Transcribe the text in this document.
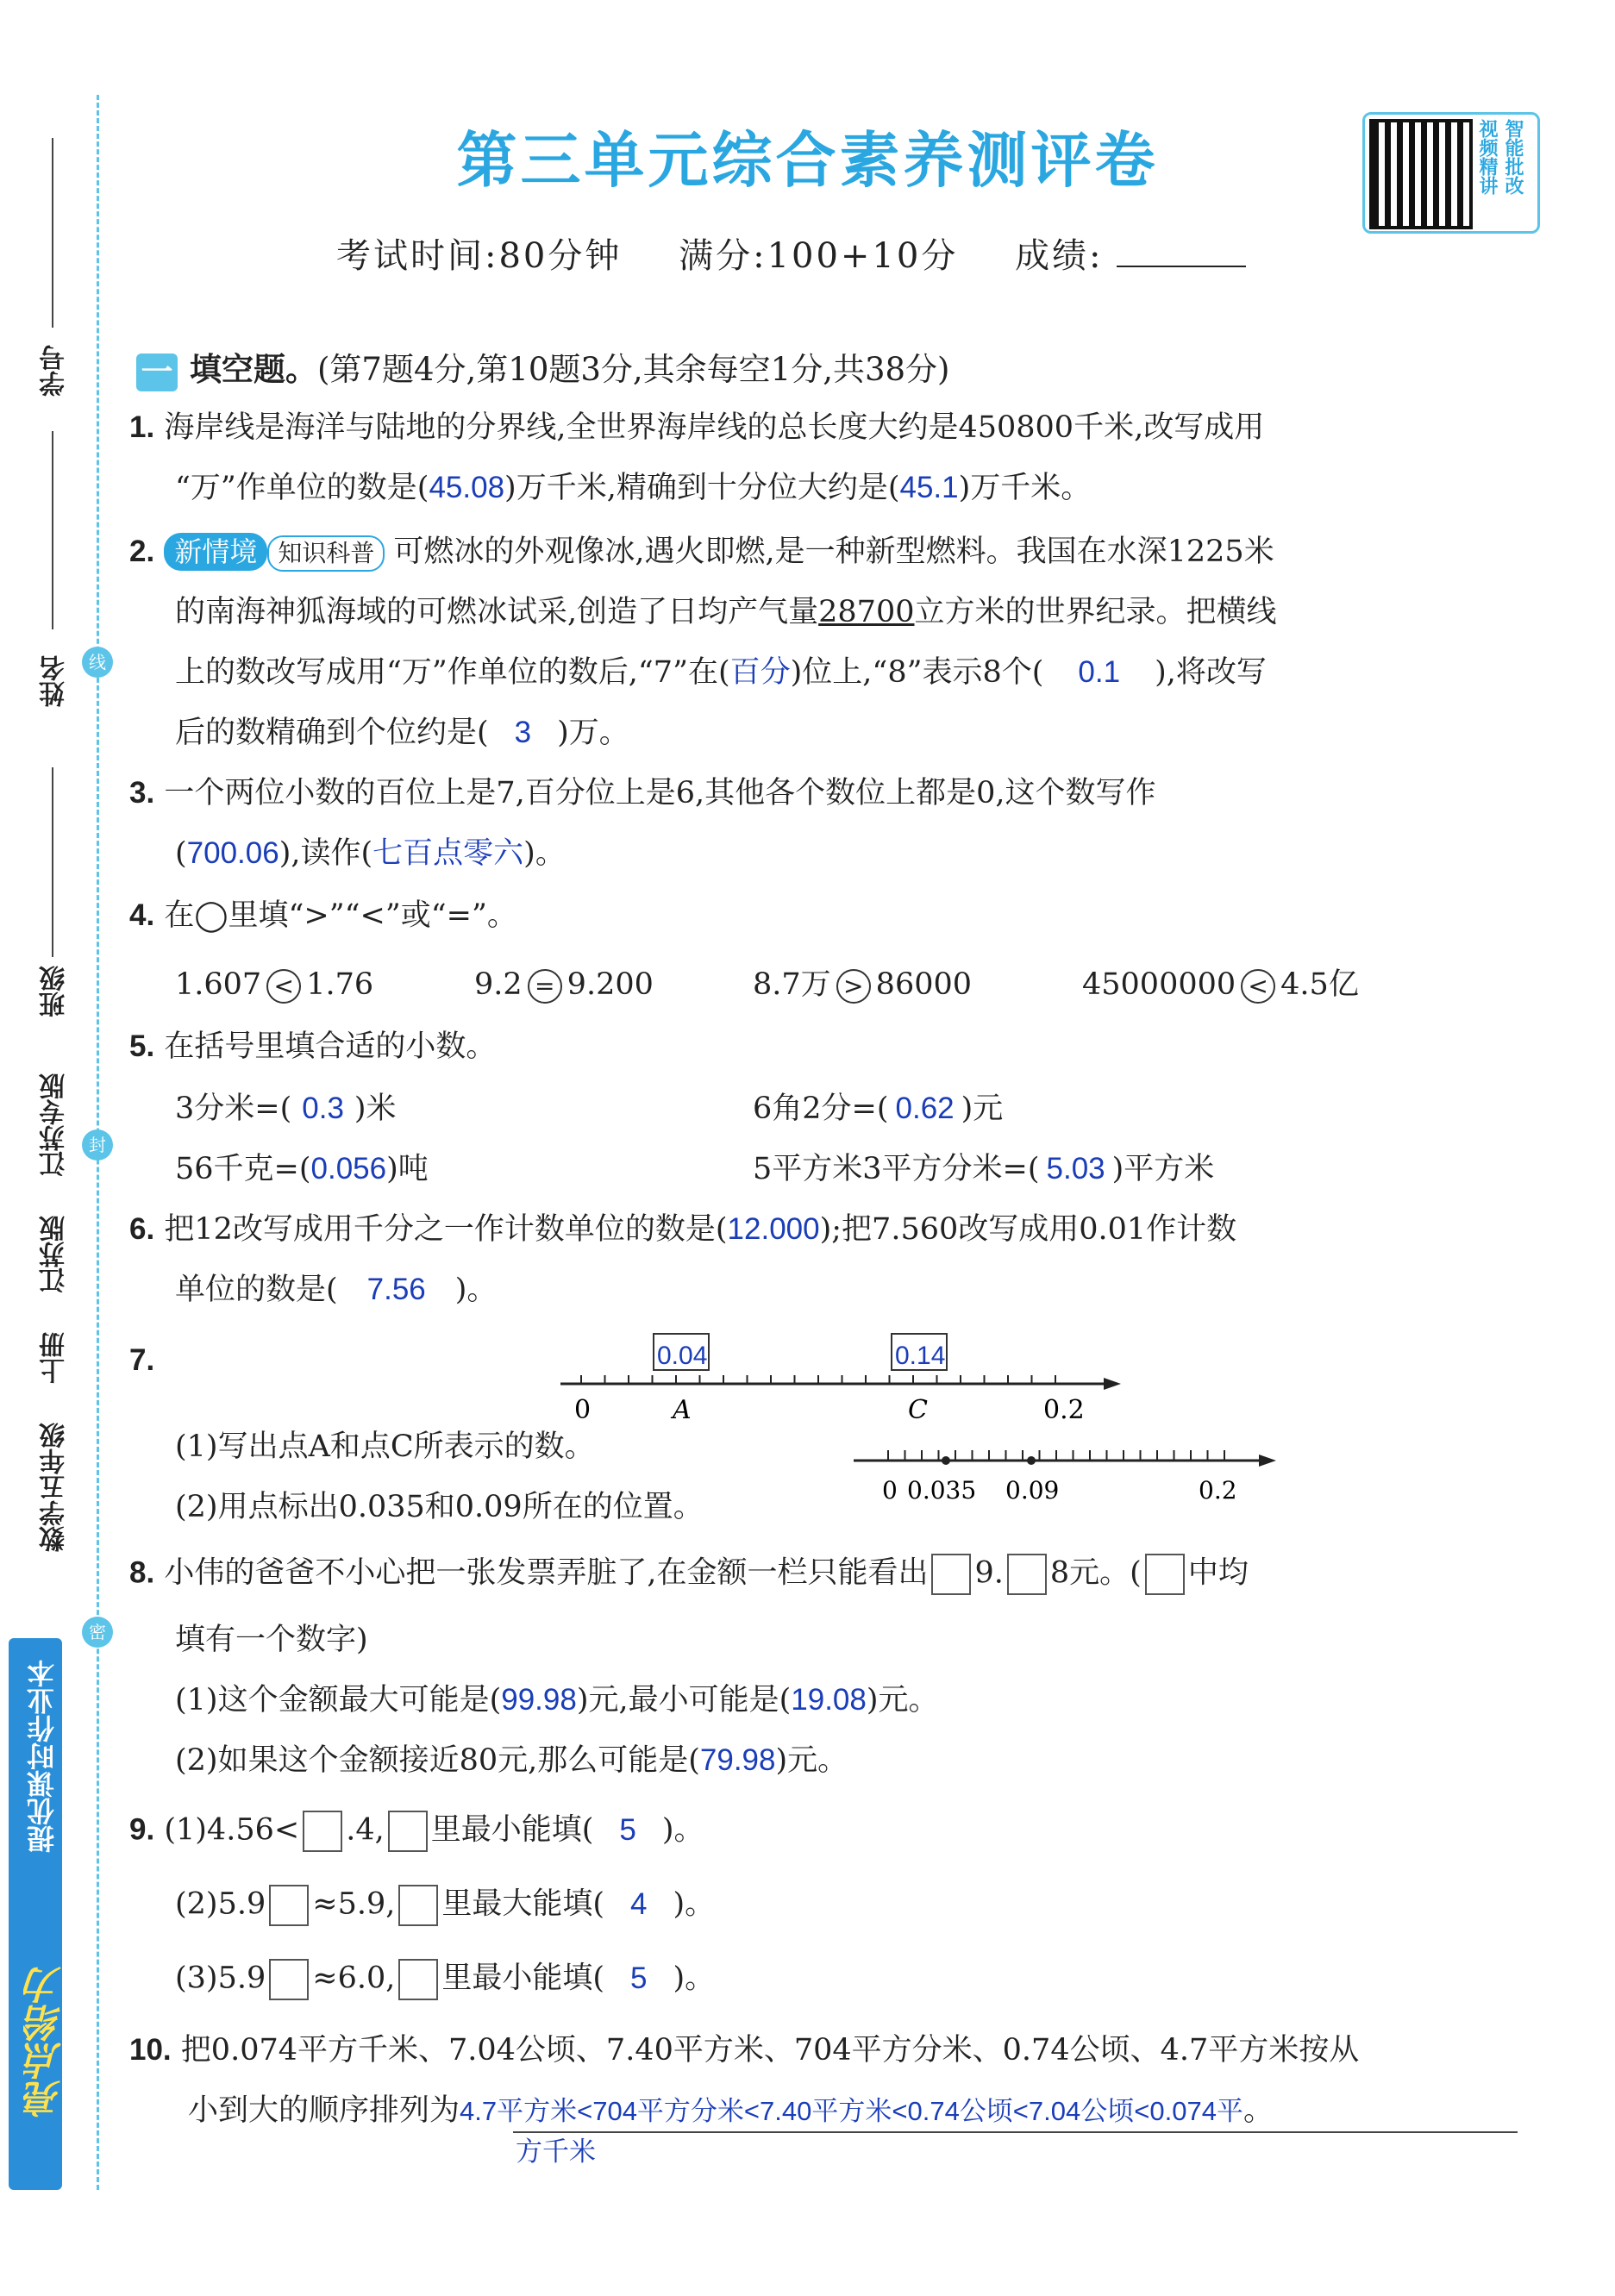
学号
线
姓名
班级
江苏专版	封
江苏版
上册
数学五年级
密
提优课时作业本
亮点给力
第三单元综合素养测评卷	视频精讲 智能批改
考试时间:80分钟 满分:100+10分 成绩:
一 填空题。(第7题4分,第10题3分,其余每空1分,共38分)
1. 海岸线是海洋与陆地的分界线,全世界海岸线的总长度大约是450800千米,改写成用
“万”作单位的数是(45.08)万千米,精确到十分位大约是(45.1)万千米。
2. 新情境 知识科普 可燃冰的外观像冰,遇火即燃,是一种新型燃料。我国在水深1225米
的南海神狐海域的可燃冰试采,创造了日均产气量28700立方米的世界纪录。把横线
上的数改写成用“万”作单位的数后,“7”在(百分)位上,“8”表示8个( 0.1 ),将改写
后的数精确到个位约是( 3 )万。
3. 一个两位小数的百位上是7,百分位上是6,其他各个数位上都是0,这个数写作
(700.06),读作(七百点零六)。
4. 在◯里填“>”“<”或“=”。
1.607 < 1.76	9.2 = 9.200	8.7万 > 86000	45000000 < 4.5亿
5. 在括号里填合适的小数。
3分米=( 0.3 )米	6角2分=( 0.62 )元
56千克=(0.056)吨	5平方米3平方分米=( 5.03 )平方米
6. 把12改写成用千分之一作计数单位的数是(12.000);把7.560改写成用0.01作计数
单位的数是( 7.56 )。
7.	0.04	0.14
0	A	C	0.2
(1)写出点A和点C所表示的数。
(2)用点标出0.035和0.09所在的位置。	0 0.035 0.09	0.2
8. 小伟的爸爸不小心把一张发票弄脏了,在金额一栏只能看出 9. 8元。( 中均
填有一个数字)
(1)这个金额最大可能是(99.98)元,最小可能是(19.08)元。
(2)如果这个金额接近80元,那么可能是(79.98)元。
9. (1)4.56< .4, 里最小能填( 5 )。
(2)5.9 ≈5.9, 里最大能填( 4 )。
(3)5.9 ≈6.0, 里最小能填( 5 )。
10. 把0.074平方千米、7.04公顷、7.40平方米、704平方分米、0.74公顷、4.7平方米按从
小到大的顺序排列为4.7平方米<704平方分米<7.40平方米<0.74公顷<7.04公顷<0.074平。
方千米
